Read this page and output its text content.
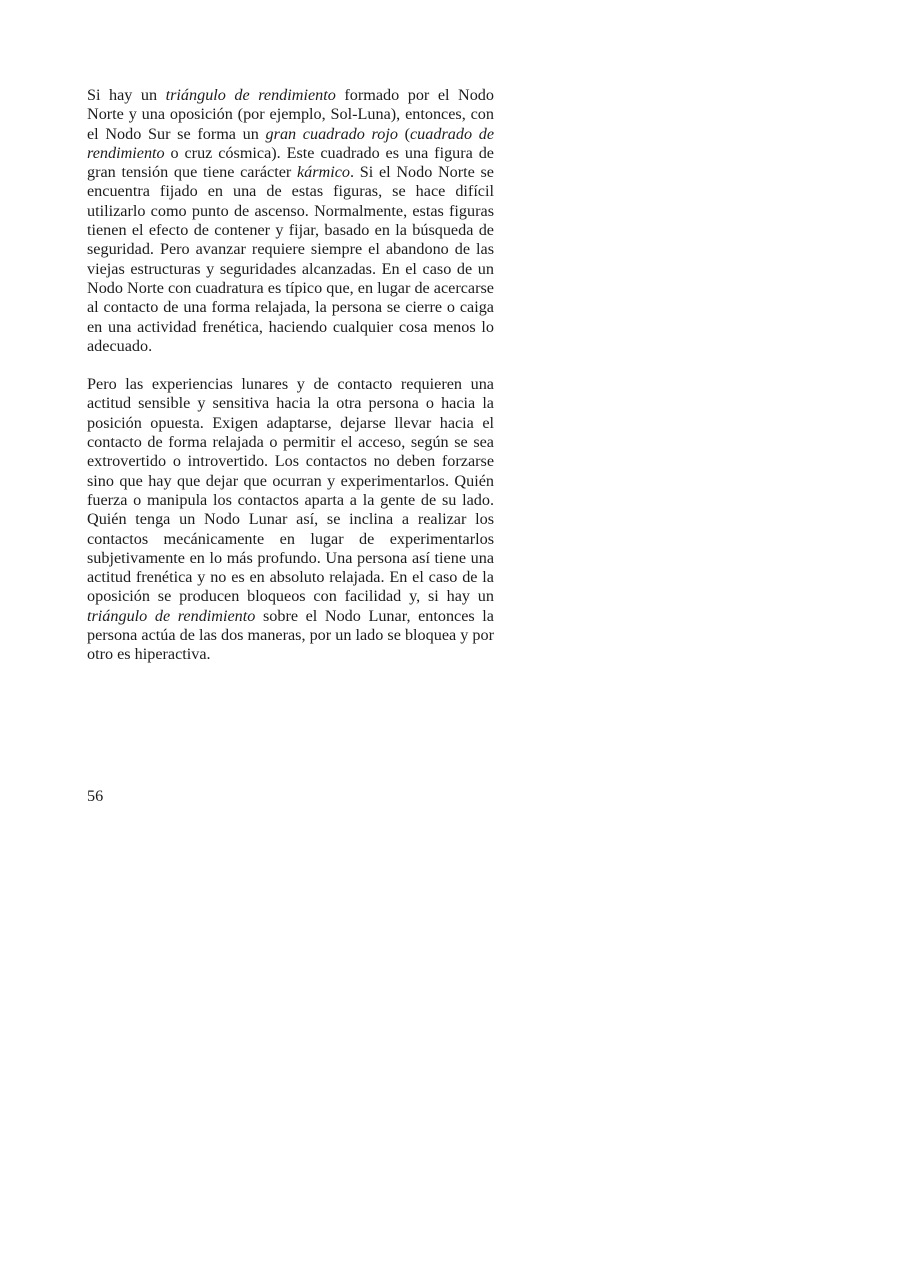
Si hay un triángulo de rendimiento formado por el Nodo Norte y una oposición (por ejemplo, Sol-Luna), entonces, con el Nodo Sur se forma un gran cuadrado rojo (cuadrado de rendimiento o cruz cósmica). Este cuadrado es una figura de gran tensión que tiene carácter kármico. Si el Nodo Norte se encuentra fijado en una de estas figuras, se hace difícil utilizarlo como punto de ascenso. Normalmente, estas figuras tienen el efecto de contener y fijar, basado en la búsqueda de seguridad. Pero avanzar requiere siempre el abandono de las viejas estructuras y seguridades alcanzadas. En el caso de un Nodo Norte con cuadratura es típico que, en lugar de acercarse al contacto de una forma relajada, la persona se cierre o caiga en una actividad frenética, haciendo cualquier cosa menos lo adecuado.

Pero las experiencias lunares y de contacto requieren una actitud sensible y sensitiva hacia la otra persona o hacia la posición opuesta. Exigen adaptarse, dejarse llevar hacia el contacto de forma relajada o permitir el acceso, según se sea extrovertido o introvertido. Los contactos no deben forzarse sino que hay que dejar que ocurran y experimentarlos. Quién fuerza o manipula los contactos aparta a la gente de su lado. Quién tenga un Nodo Lunar así, se inclina a realizar los contactos mecánicamente en lugar de experimentarlos subjetivamente en lo más profundo. Una persona así tiene una actitud frenética y no es en absoluto relajada. En el caso de la oposición se producen bloqueos con facilidad y, si hay un triángulo de rendimiento sobre el Nodo Lunar, entonces la persona actúa de las dos maneras, por un lado se bloquea y por otro es hiperactiva.

56
